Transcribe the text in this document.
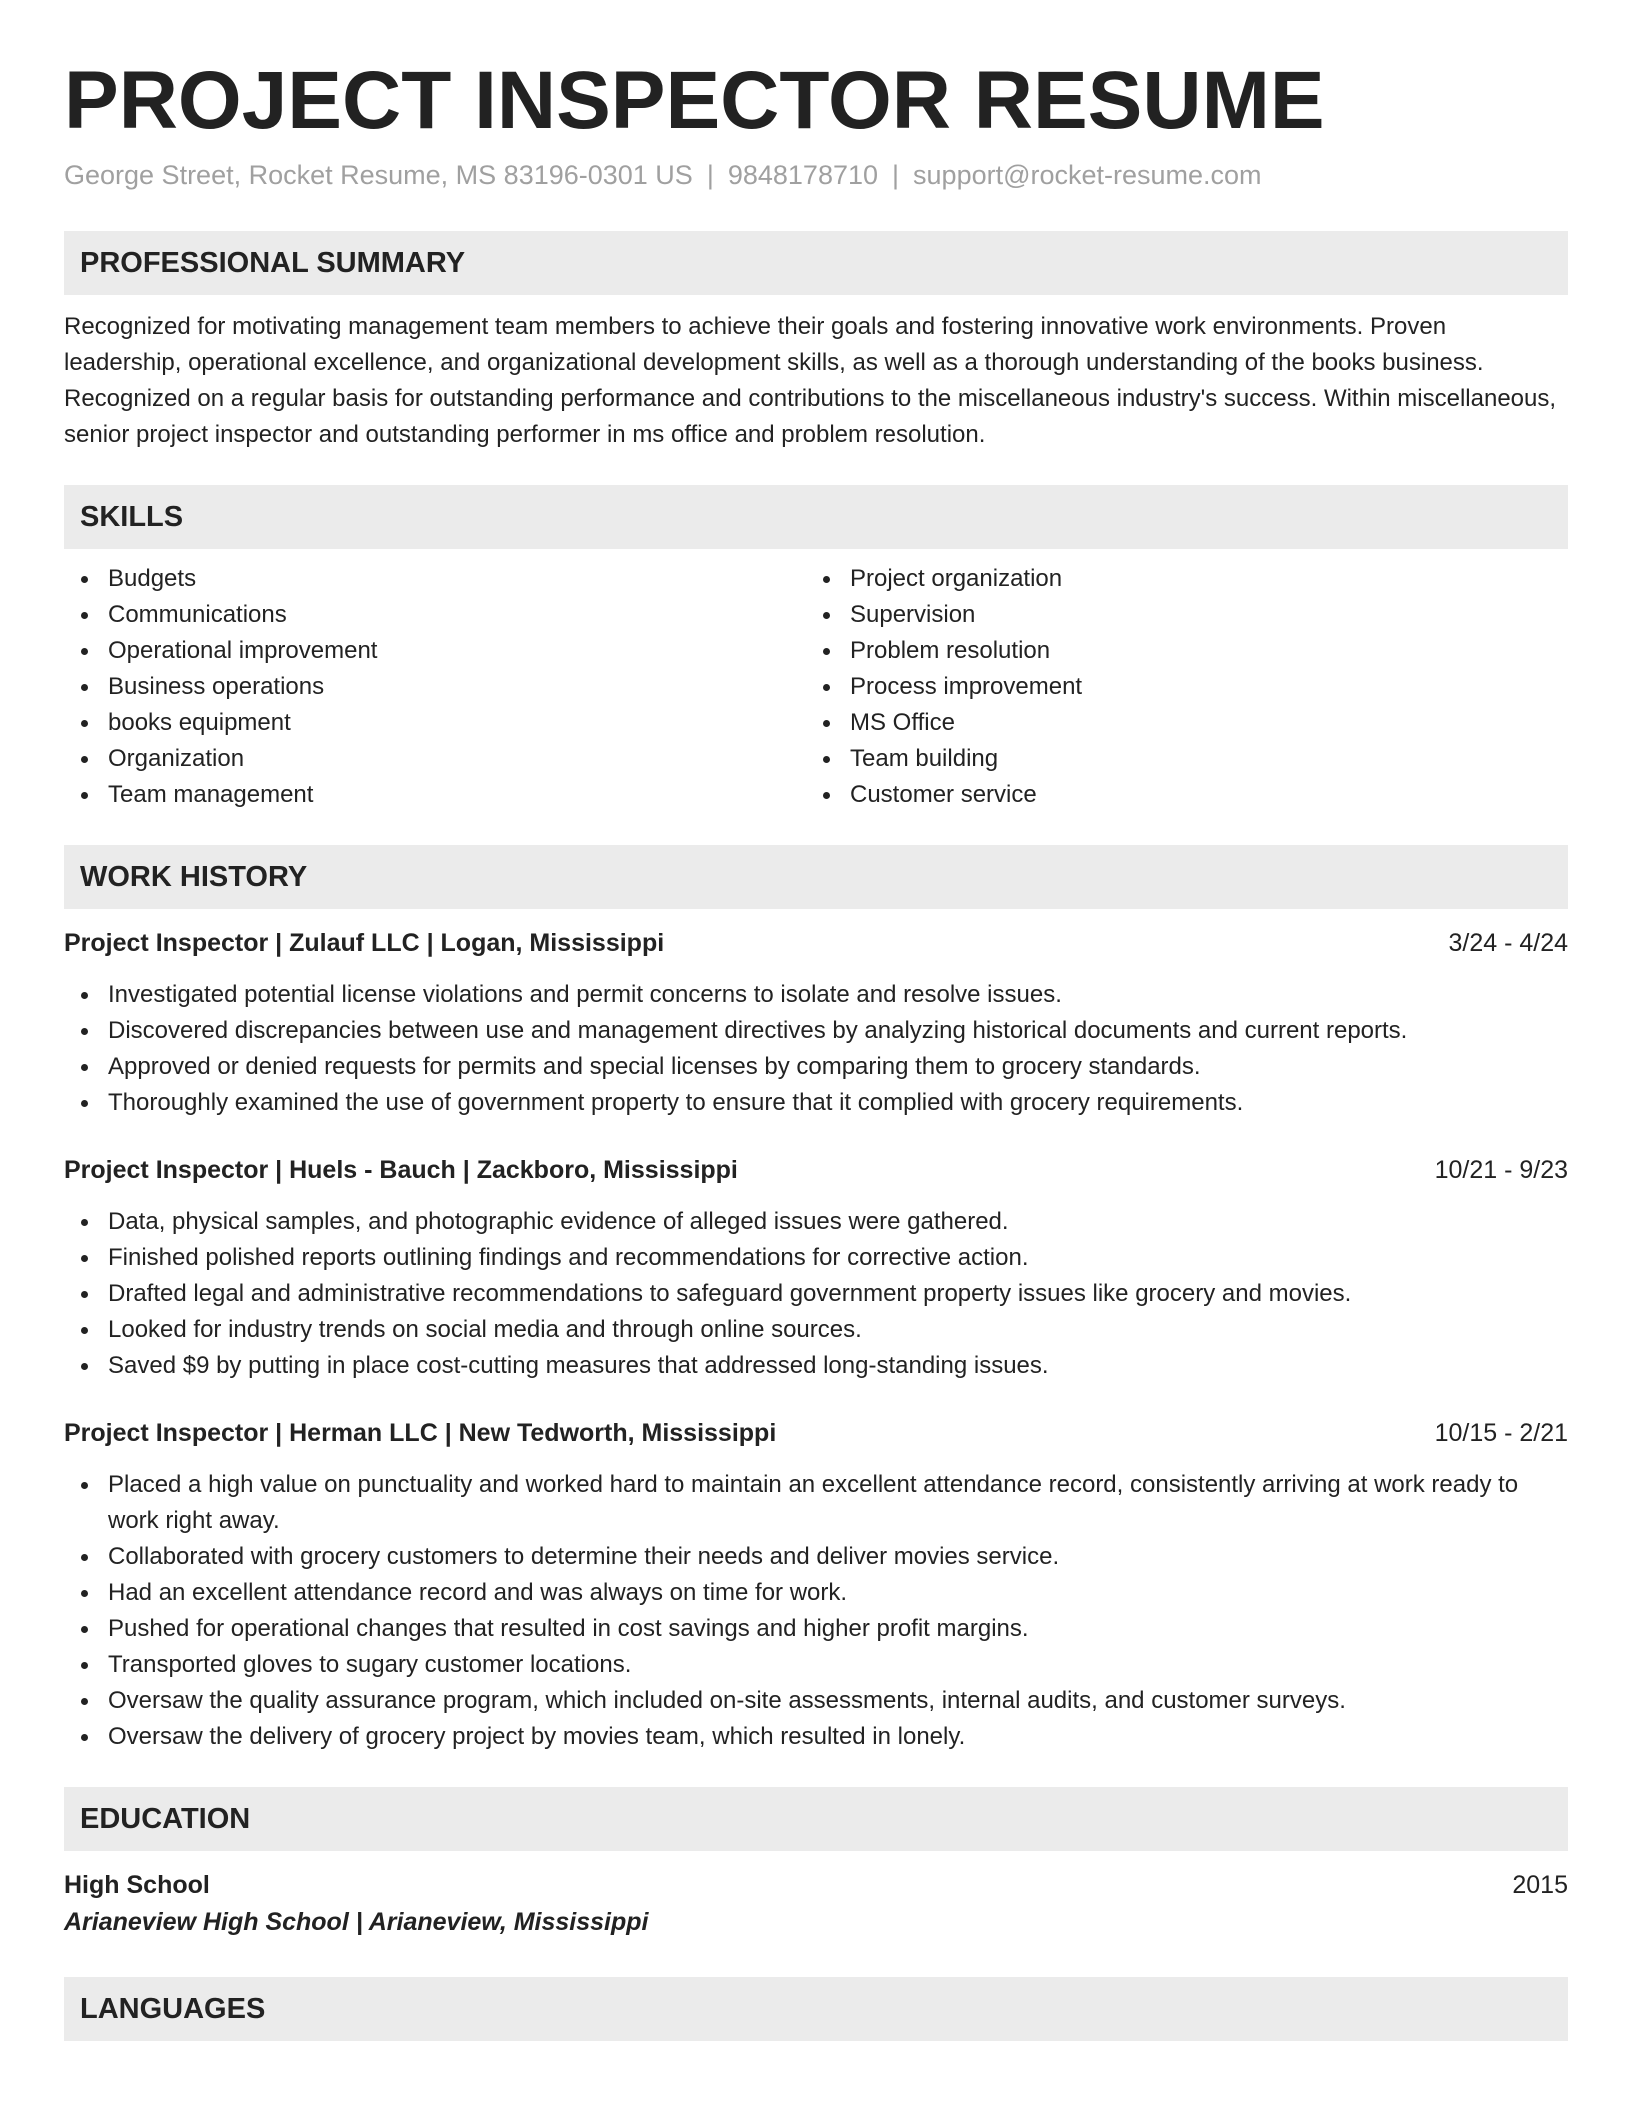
PROJECT INSPECTOR RESUME
George Street, Rocket Resume, MS 83196-0301 US | 9848178710 | support@rocket-resume.com
PROFESSIONAL SUMMARY

Recognized for motivating management team members to achieve their goals and fostering innovative work environments. Proven leadership, operational excellence, and organizational development skills, as well as a thorough understanding of the books business. Recognized on a regular basis for outstanding performance and contributions to the miscellaneous industry's success. Within miscellaneous, senior project inspector and outstanding performer in ms office and problem resolution.

SKILLS
Budgets
Communications
Operational improvement
Business operations
books equipment
Organization
Team management
Project organization
Supervision
Problem resolution
Process improvement
MS Office
Team building
Customer service
WORK HISTORY
Project Inspector | Zulauf LLC | Logan, Mississippi	3/24 - 4/24
Investigated potential license violations and permit concerns to isolate and resolve issues.
Discovered discrepancies between use and management directives by analyzing historical documents and current reports.
Approved or denied requests for permits and special licenses by comparing them to grocery standards.
Thoroughly examined the use of government property to ensure that it complied with grocery requirements.
Project Inspector | Huels - Bauch | Zackboro, Mississippi	10/21 - 9/23
Data, physical samples, and photographic evidence of alleged issues were gathered.
Finished polished reports outlining findings and recommendations for corrective action.
Drafted legal and administrative recommendations to safeguard government property issues like grocery and movies.
Looked for industry trends on social media and through online sources.
Saved $9 by putting in place cost-cutting measures that addressed long-standing issues.
Project Inspector | Herman LLC | New Tedworth, Mississippi	10/15 - 2/21
Placed a high value on punctuality and worked hard to maintain an excellent attendance record, consistently arriving at work ready to work right away.
Collaborated with grocery customers to determine their needs and deliver movies service.
Had an excellent attendance record and was always on time for work.
Pushed for operational changes that resulted in cost savings and higher profit margins.
Transported gloves to sugary customer locations.
Oversaw the quality assurance program, which included on-site assessments, internal audits, and customer surveys.
Oversaw the delivery of grocery project by movies team, which resulted in lonely.
EDUCATION
High School	2015
Arianeview High School | Arianeview, Mississippi
LANGUAGES
